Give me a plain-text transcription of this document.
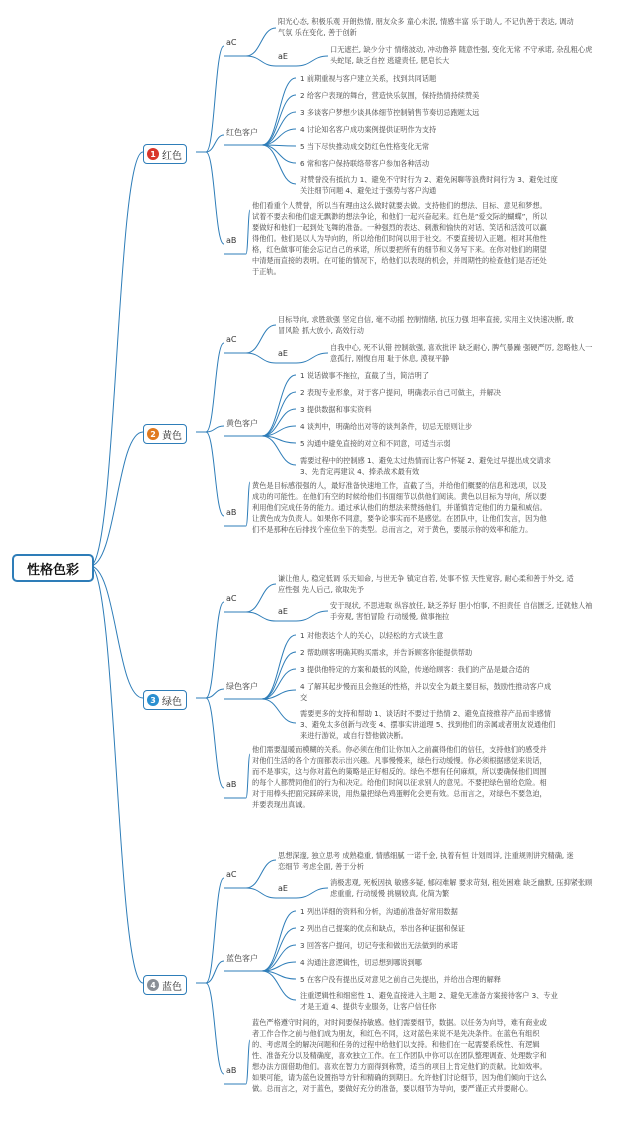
性格色彩
1 红色
aC
阳光心态, 积极乐观 开朗热情, 朋友众多 童心未泯, 情感丰富 乐于助人, 不记仇善于表达, 调动气氛 乐在变化, 善于创新
aE
口无遮拦, 缺少分寸 情绪波动, 冲动鲁莽 随意性强, 变化无常 不守承诺, 杂乱粗心虎头蛇尾, 缺乏自控 逃避责任, 肥皂长大
红色客户
1 前期重视与客户建立关系，找到共同话题
2 给客户表现的舞台，营造快乐氛围，保持热情持续赞美
3 多谈客户梦想少谈具体细节控制销售节奏切忌跑题太远
4 讨论知名客户成功案例提供证明作为支持
5 当下尽快推动成交防红色性格变化无常
6 常和客户保持联络带客户参加各种活动
对赞誉没有抵抗力 1、避免不守时行为 2、避免闲聊等浪费时间行为 3、避免过度
关注细节问题 4、避免过于强势与客户沟通
aB
他们看重个人赞誉，所以当有理由这么做时就要去做。支持他们的想法、目标、意见和梦想。试着不要去和他们虚无飘渺的想法争论，和他们一起兴奋起来。红色是“爱交际的蝴蝶”，所以要做好和他们一起到处飞舞的准备。一种强烈的表达、刺激和愉快的对话、笑话和活泼可以赢得他们。他们是以人为导向的，所以给他们时间以用于社交。不要直接切入正题。相对其他性格，红色做事可能会忘记自己的承诺，所以要把所有的细节和义务写下来。在你对他们的期望中清楚而直接的表明。在可能的情况下，给他们以表现的机会，并周期性的检查他们是否还处于正轨。
2 黄色
aC
目标导向, 求胜欲强 坚定自信, 毫不动摇 控制情绪, 抗压力强 坦率直接, 实用主义快速决断, 敢冒风险 抓大放小, 高效行动
aE
自我中心, 死不认错 控制欲强, 喜欢批评 缺乏耐心, 脾气暴躁 强硬严厉, 忽略他人一意孤行, 刚愎自用 耻于休息, 漠视平静
黄色客户
1 说话做事不拖拉，直截了当，简洁明了
2 表现专业形象，对于客户提问，明确表示自己可做主，并解决
3 提供数据和事实资料
4 谈判中，明确给出对等的谈判条件，切忌无原则让步
5 沟通中避免直接的对立和不同意，可适当示弱
需要过程中的控制感 1、避免太过热情而让客户怀疑 2、避免过早提出成交请求
3、先肯定再建议 4、捧杀战术最有效
aB
黄色是目标感很强的人，最好准备快速地工作，直截了当，并给他们概要的信息和选项，以及成功的可能性。在他们有空的时候给他们书面细节以供他们阅读。黄色以目标为导向，所以要利用他们完成任务的能力。通过承认他们的想法来赞扬他们，并谨慎肯定他们的力量和威信。让黄色成为负责人。如果你不同意，要争论事实而不是感觉。在团队中，让他们发言，因为他们不是那种在后排找个座位坐下的类型。总而言之，对于黄色，要展示你的效率和能力。
3 绿色
aC
谦让他人, 稳定低调 乐天知命, 与世无争 镇定自若, 处事不惊 天性宽容, 耐心柔和善于外交, 适应性强 先人后己, 欲取先予
aE
安于现状, 不思进取 纵容放任, 缺乏养好 胆小怕事, 不担责任 自信匮乏, 迁就他人袖手旁观, 害怕冒险 行动缓慢, 做事拖拉
绿色客户
1 对他表达个人的关心，以轻松的方式谈生意
2 帮助顾客明确其购买需求，并告诉顾客你能提供帮助
3 提供他特定的方案和最低的风险，传递给顾客：我们的产品是最合适的
4 了解其起步慢而且会拖延的性格，并以安全为最主要目标，鼓励性推动客户成
交
需要更多的支持和帮助 1、谈话时不要过于热情 2、避免直接推荐产品而非感情
3、避免太多创新与改变 4、摆事实讲道理 5、找到他们的亲属或者朋友说通他们
来进行游说，或自行替他做决断。
aB
他们需要温暖而模糊的关系。你必须在他们让你加入之前赢得他们的信任，支持他们的感受并对他们生活的各个方面都表示出兴趣。凡事慢慢来，绿色行动缓慢。你必须根据感觉来说话，而不是事实，这与你对蓝色的策略是正好相反的。绿色不想有任何麻烦，所以要确保他们周围的每个人都赞同他们的行为和决定。给他们时间以征求别人的意见。不要把绿色留给危险。相对于用棒头把面完踩碎来说，用热量把绿色鸡蛋孵化会更有效。总而言之，对绿色不要急迫，并要表现出真诚。
4 蓝色
aC
思想深邃, 独立思考 成熟稳重, 情感细腻 一诺千金, 执着有恒 计划周详, 注重规则讲究精确, 迷恋细节 考虑全面, 善于分析
aE
消极悲观, 死板因执 敏感多疑, 郁闷难解 要求苛刻, 租处困难 缺乏幽默, 压抑紧张顾虑重重, 行动缓慢 挑剔较真, 化简为繁
蓝色客户
1 列出详细的资料和分析，沟通前准备好常用数据
2 列出自己提案的优点和缺点，举出各种证据和保证
3 回答客户提问，切记夸张和做出无法做到的承诺
4 沟通注意逻辑性，切忌想到哪说到哪
5 在客户没有提出反对意见之前自己先提出，并给出合理的解释
注重逻辑性和细密性 1、避免直接进入主题 2、避免无准备方案接待客户 3、专业
才是王道 4、提供专业服务，让客户信任你
aB
蓝色严格遵守时间的，对时间要保持敏感。他们需要细节，数据。以任务为向导，难有商业或者工作合作之前与他们成为朋友，和红色不同，这对蓝色来说不是先决条件。在蓝色有组织的、考虑周全的解决问题和任务的过程中给他们以支持。和他们在一起需要系统性、有逻辑性、准备充分以及精确度，喜欢独立工作。在工作团队中你可以在团队整理调查、处理数字和想办法方面借助他们。喜欢在智力方面得到称赞，适当的项目上肯定他们的贡献。比如效率。如果可能，请为蓝色设置指导方针和精确的到期日。允许他们讨论细节，因为他们倾向于这么做。总而言之，对于蓝色，要做好充分的准备，要以细节为导向，要严谨正式并要耐心。
